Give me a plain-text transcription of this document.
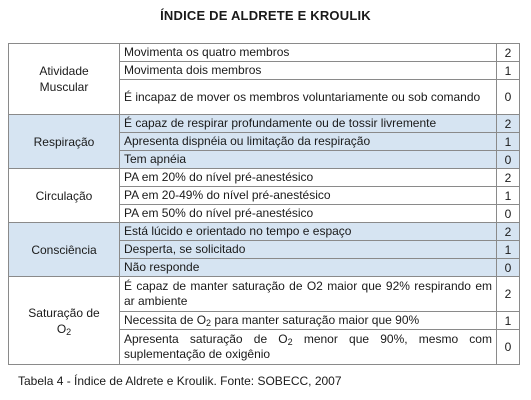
ÍNDICE DE ALDRETE E KROULIK
Atividade
Muscular	Movimenta os quatro membros	2
	Movimenta dois membros	1
	É incapaz de mover os membros voluntariamente ou sob comando	0
Respiração	É capaz de respirar profundamente ou de tossir livremente	2
	Apresenta dispnéia ou limitação da respiração	1
	Tem apnéia	0
Circulação	PA em 20% do nível pré-anestésico	2
	PA em 20-49% do nível pré-anestésico	1
	PA em 50% do nível pré-anestésico	0
Consciência	Está lúcido e orientado no tempo e espaço	2
	Desperta, se solicitado	1
	Não responde	0
Saturação de
$O_2$	É capaz de manter saturação de O2 maior que 92% respirando em ar ambiente	2
	Necessita de $O_2$ para manter saturação maior que 90%	1
	Apresenta saturação de $O_2$ menor que 90%, mesmo com suplementação de oxigênio	0
Tabela 4 - Índice de Aldrete e Kroulik. Fonte: SOBECC, 2007
